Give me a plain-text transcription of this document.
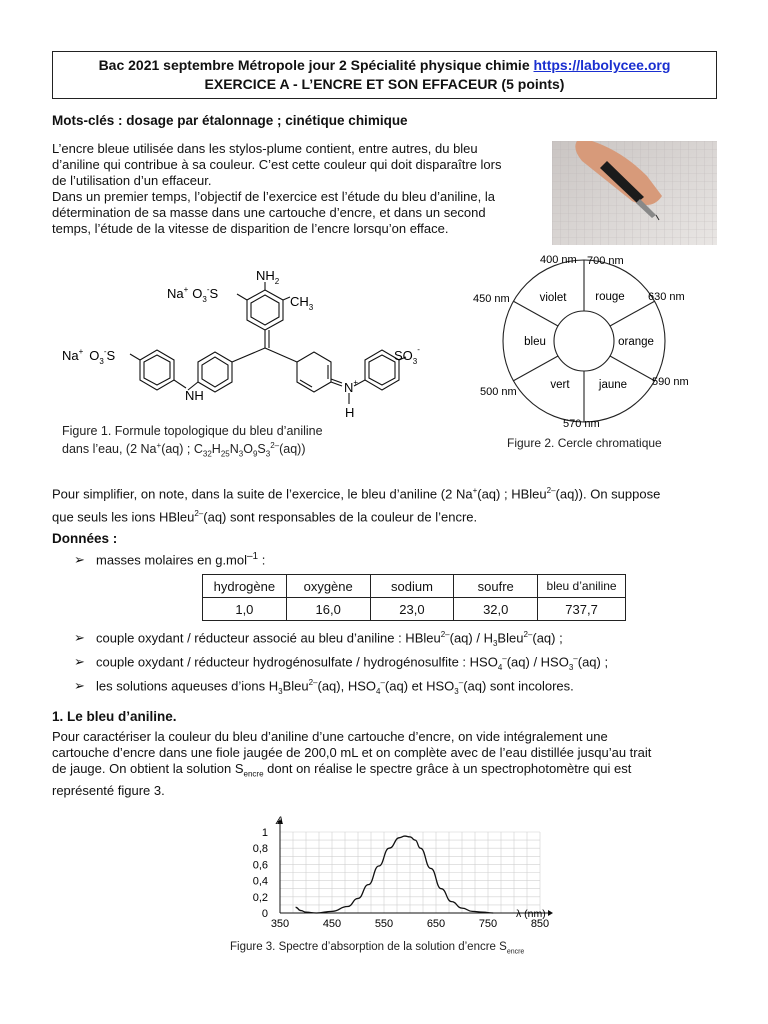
Bac 2021 septembre Métropole jour 2 Spécialité physique chimie https://labolycee.org
EXERCICE A - L’ENCRE ET SON EFFACEUR (5 points)
Mots-clés : dosage par étalonnage ; cinétique chimique
L’encre bleue utilisée dans les stylos-plume contient, entre autres, du bleu
d’aniline qui contribue à sa couleur. C’est cette couleur qui doit disparaître lors
de l’utilisation d’un effaceur.
Dans un premier temps, l’objectif de l’exercice est l’étude du bleu d’aniline, la
détermination de sa masse dans une cartouche d’encre, et dans un second
temps, l’étude de la vitesse de disparition de l’encre lorsqu’on efface.
Na+ $O_3^-S$
$NH_2$
$CH_3$
Na+ $O_3^-S$
NH
N+
H
$SO_3^-$
Figure 1. Formule topologique du bleu d’aniline
dans l’eau, (2 Na+(aq) ; $C_{32}H_{25}N_3O_9S_3^{2-}(aq)$)
violet	rouge
orange
jaune
vert
bleu
400 nm 700 nm
630 nm
590 nm
570 nm
500 nm
450 nm
Figure 2. Cercle chromatique
Pour simplifier, on note, dans la suite de l’exercice, le bleu d’aniline (2 Na+(aq) ; HBleu$^{2-}$(aq)). On suppose
que seuls les ions HBleu$^{2-}$(aq) sont responsables de la couleur de l’encre.
Données :
➢ masses molaires en g.mol$^{-1}$ :
hydrogène	oxygène	sodium	soufre	bleu d’aniline
1,0	16,0	23,0	32,0	737,7
➢ couple oxydant / réducteur associé au bleu d’aniline : HBleu$^{2-}$(aq) / $H_3Bleu^{2-}(aq)$ ;
➢ couple oxydant / réducteur hydrogénosulfate / hydrogénosulfite : $HSO_4^-(aq) / HSO_3^-(aq)$ ;
➢ les solutions aqueuses d’ions $H_3Bleu^{2-}(aq)$, $HSO_4^-(aq)$ et $HSO_3^-(aq)$ sont incolores.
1. Le bleu d’aniline.
Pour caractériser la couleur du bleu d’aniline d’une cartouche d’encre, on vide intégralement une
cartouche d’encre dans une fiole jaugée de 200,0 mL et on complète avec de l’eau distillée jusqu’au trait
de jauge. On obtient la solution $S_{encre}$ dont on réalise le spectre grâce à un spectrophotomètre qui est
représenté figure 3.
350	450	550	650	750	850
0
0,2
0,4
0,6
0,8
1
A
λ (nm)
Figure 3. Spectre d’absorption de la solution d’encre $S_{encre}$
